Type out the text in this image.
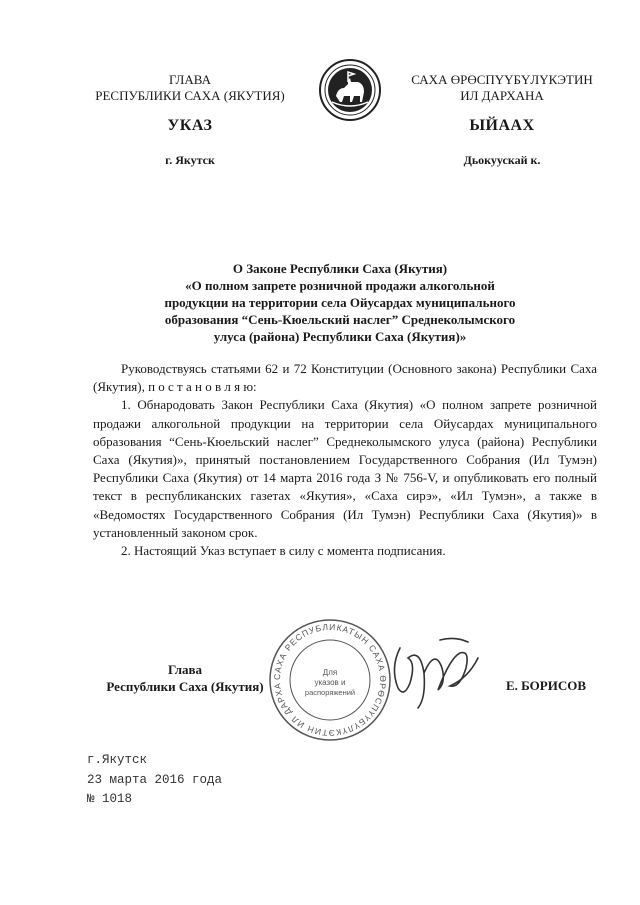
ГЛАВА
РЕСПУБЛИКИ САХА (ЯКУТИЯ)
УКАЗ
г. Якутск
САХА ӨРӨСПҮҮБҮЛҮКЭТИН
ИЛ ДАРХАНА
ЫЙААХ
Дьокуускай к.
О Законе Республики Саха (Якутия)
«О полном запрете розничной продажи алкогольной
продукции на территории села Ойусардах муниципального
образования “Сень-Кюельский наслег” Среднеколымского
улуса (района) Республики Саха (Якутия)»

Руководствуясь статьями 62 и 72 Конституции (Основного закона) Республики Саха (Якутия), п о с т а н о в л я ю:

1. Обнародовать Закон Республики Саха (Якутия) «О полном запрете розничной продажи алкогольной продукции на территории села Ойусардах муниципального образования “Сень-Кюельский наслег” Среднеколымского улуса (района) Республики Саха (Якутия)», принятый постановлением Государственного Собрания (Ил Тумэн) Республики Саха (Якутия) от 14 марта 2016 года З № 756-V, и опубликовать его полный текст в республиканских газетах «Якутия», «Саха сирэ», «Ил Тумэн», а также в «Ведомостях Государственного Собрания (Ил Тумэн) Республики Саха (Якутия)» в установленный законом срок.

2. Настоящий Указ вступает в силу с момента подписания.

САХА РЕСПУБЛИКАТЫН САХА ӨРӨСПҮҮБҮЛҮКЭТИН ИЛ ДАРХА
Для
указов и
распоряжений
Глава
Республики Саха (Якутия)	Е. БОРИСОВ
г.Якутск
23 марта 2016 года
№ 1018
